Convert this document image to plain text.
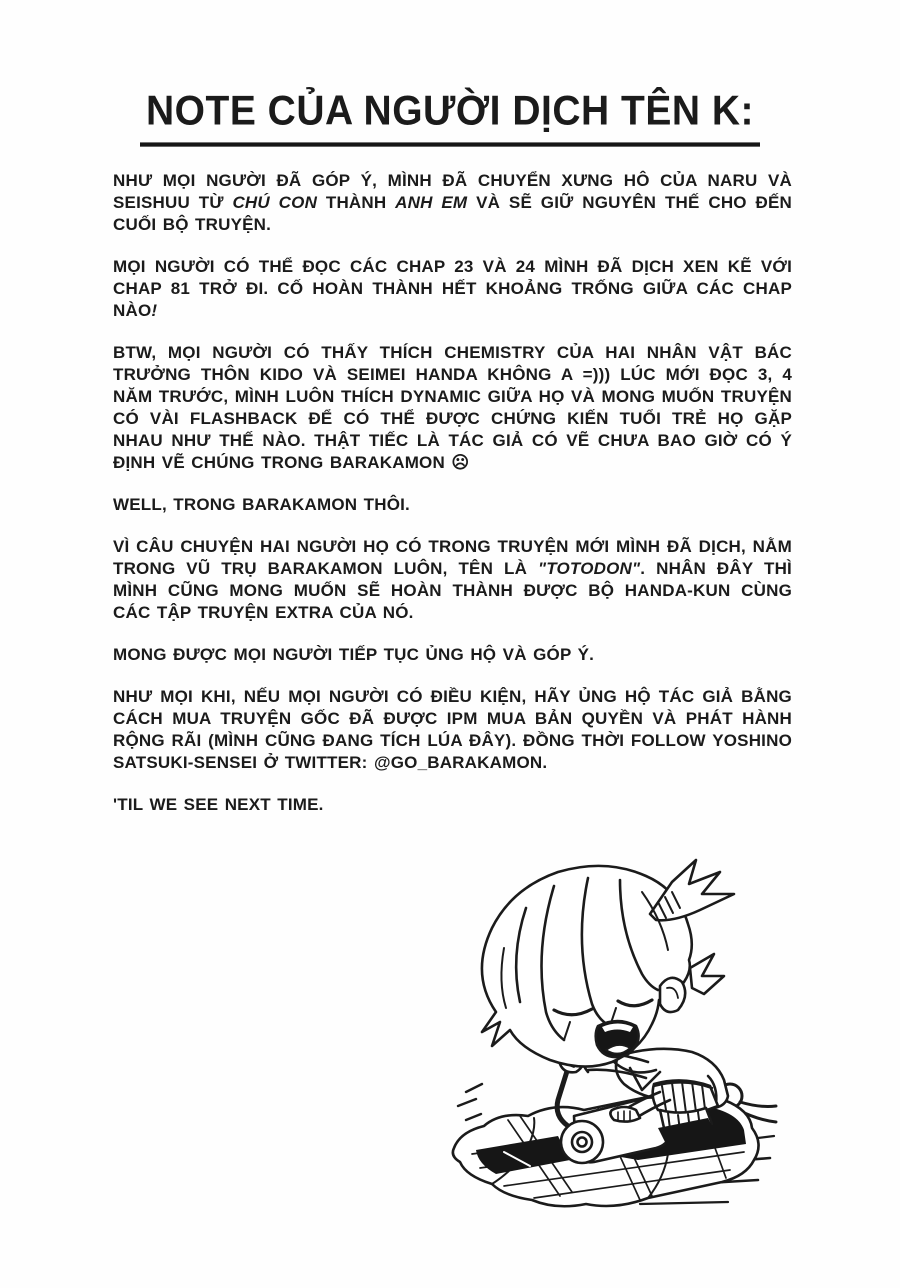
NOTE CỦA NGƯỜI DỊCH TÊN K:

NHƯ MỌI NGƯỜI ĐÃ GÓP Ý, MÌNH ĐÃ CHUYỂN XƯNG HÔ CỦA NARU VÀ SEISHUU TỪ CHÚ CON THÀNH ANH EM VÀ SẼ GIỮ NGUYÊN THẾ CHO ĐẾN CUỐI BỘ TRUYỆN.

MỌI NGƯỜI CÓ THỂ ĐỌC CÁC CHAP 23 VÀ 24 MÌNH ĐÃ DỊCH XEN KẼ VỚI CHAP 81 TRỞ ĐI. CỐ HOÀN THÀNH HẾT KHOẢNG TRỐNG GIỮA CÁC CHAP NÀO!

BTW, MỌI NGƯỜI CÓ THẤY THÍCH CHEMISTRY CỦA HAI NHÂN VẬT BÁC TRƯỞNG THÔN KIDO VÀ SEIMEI HANDA KHÔNG A =))) LÚC MỚI ĐỌC 3, 4 NĂM TRƯỚC, MÌNH LUÔN THÍCH DYNAMIC GIỮA HỌ VÀ MONG MUỐN TRUYỆN CÓ VÀI FLASHBACK ĐỂ CÓ THỂ ĐƯỢC CHỨNG KIẾN TUỔI TRẺ HỌ GẶP NHAU NHƯ THẾ NÀO. THẬT TIẾC LÀ TÁC GIẢ CÓ VẼ CHƯA BAO GIỜ CÓ Ý ĐỊNH VẼ CHÚNG TRONG BARAKAMON ☹

WELL, TRONG BARAKAMON THÔI.

VÌ CÂU CHUYỆN HAI NGƯỜI HỌ CÓ TRONG TRUYỆN MỚI MÌNH ĐÃ DỊCH, NẰM TRONG VŨ TRỤ BARAKAMON LUÔN, TÊN LÀ "TOTODON". NHÂN ĐÂY THÌ MÌNH CŨNG MONG MUỐN SẼ HOÀN THÀNH ĐƯỢC BỘ HANDA-KUN CÙNG CÁC TẬP TRUYỆN EXTRA CỦA NÓ.

MONG ĐƯỢC MỌI NGƯỜI TIẾP TỤC ỦNG HỘ VÀ GÓP Ý.

NHƯ MỌI KHI, NẾU MỌI NGƯỜI CÓ ĐIỀU KIỆN, HÃY ỦNG HỘ TÁC GIẢ BẰNG CÁCH MUA TRUYỆN GỐC ĐÃ ĐƯỢC IPM MUA BẢN QUYỀN VÀ PHÁT HÀNH RỘNG RÃI (MÌNH CŨNG ĐANG TÍCH LÚA ĐÂY). ĐỒNG THỜI FOLLOW YOSHINO SATSUKI-SENSEI Ở TWITTER: @GO_BARAKAMON.

'TIL WE SEE NEXT TIME.
